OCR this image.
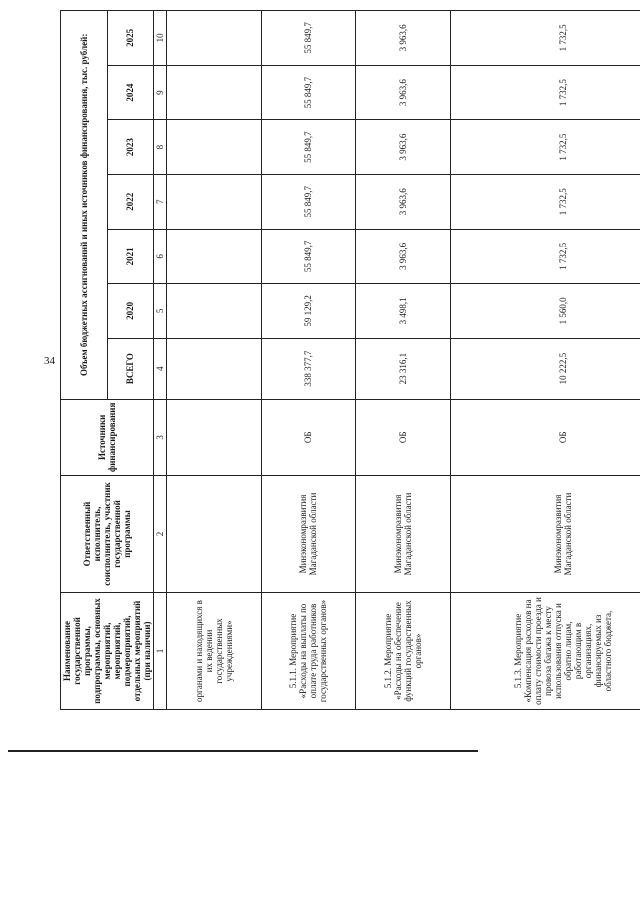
34
Наименование государственной программы, подпрограммы, основных мероприятий, мероприятий, подмероприятий, отдельных мероприятий (при наличии)	Ответственный исполнитель, соисполнитель, участник государственной программы	Источники финансирования	Объем бюджетных ассигнований и иных источников финансирования, тыс. рублей:						
			ВСЕГО	2020	2021	2022	2023	2024	2025
1	2	3	4	5	6	7	8	9	10
органами и находящихся в их ведении государственных учреждениями»									
5.1.1. Мероприятие «Расходы на выплаты по оплате труда работников государственных органов»	Минэкономразвития Магаданской области	ОБ	338 377,7	59 129,2	55 849,7	55 849,7	55 849,7	55 849,7	55 849,7
5.1.2. Мероприятие «Расходы на обеспечение функций государственных органов»	Минэкономразвития Магаданской области	ОБ	23 316,1	3 498,1	3 963,6	3 963,6	3 963,6	3 963,6	3 963,6
5.1.3. Мероприятие «Компенсация расходов на оплату стоимости проезда и провоза багажа к месту использования отпуска и обратно лицам, работающим в организациях, финансируемых из областного бюджета,	Минэкономразвития Магаданской области	ОБ	10 222,5	1 560,0	1 732,5	1 732,5	1 732,5	1 732,5	1 732,5
